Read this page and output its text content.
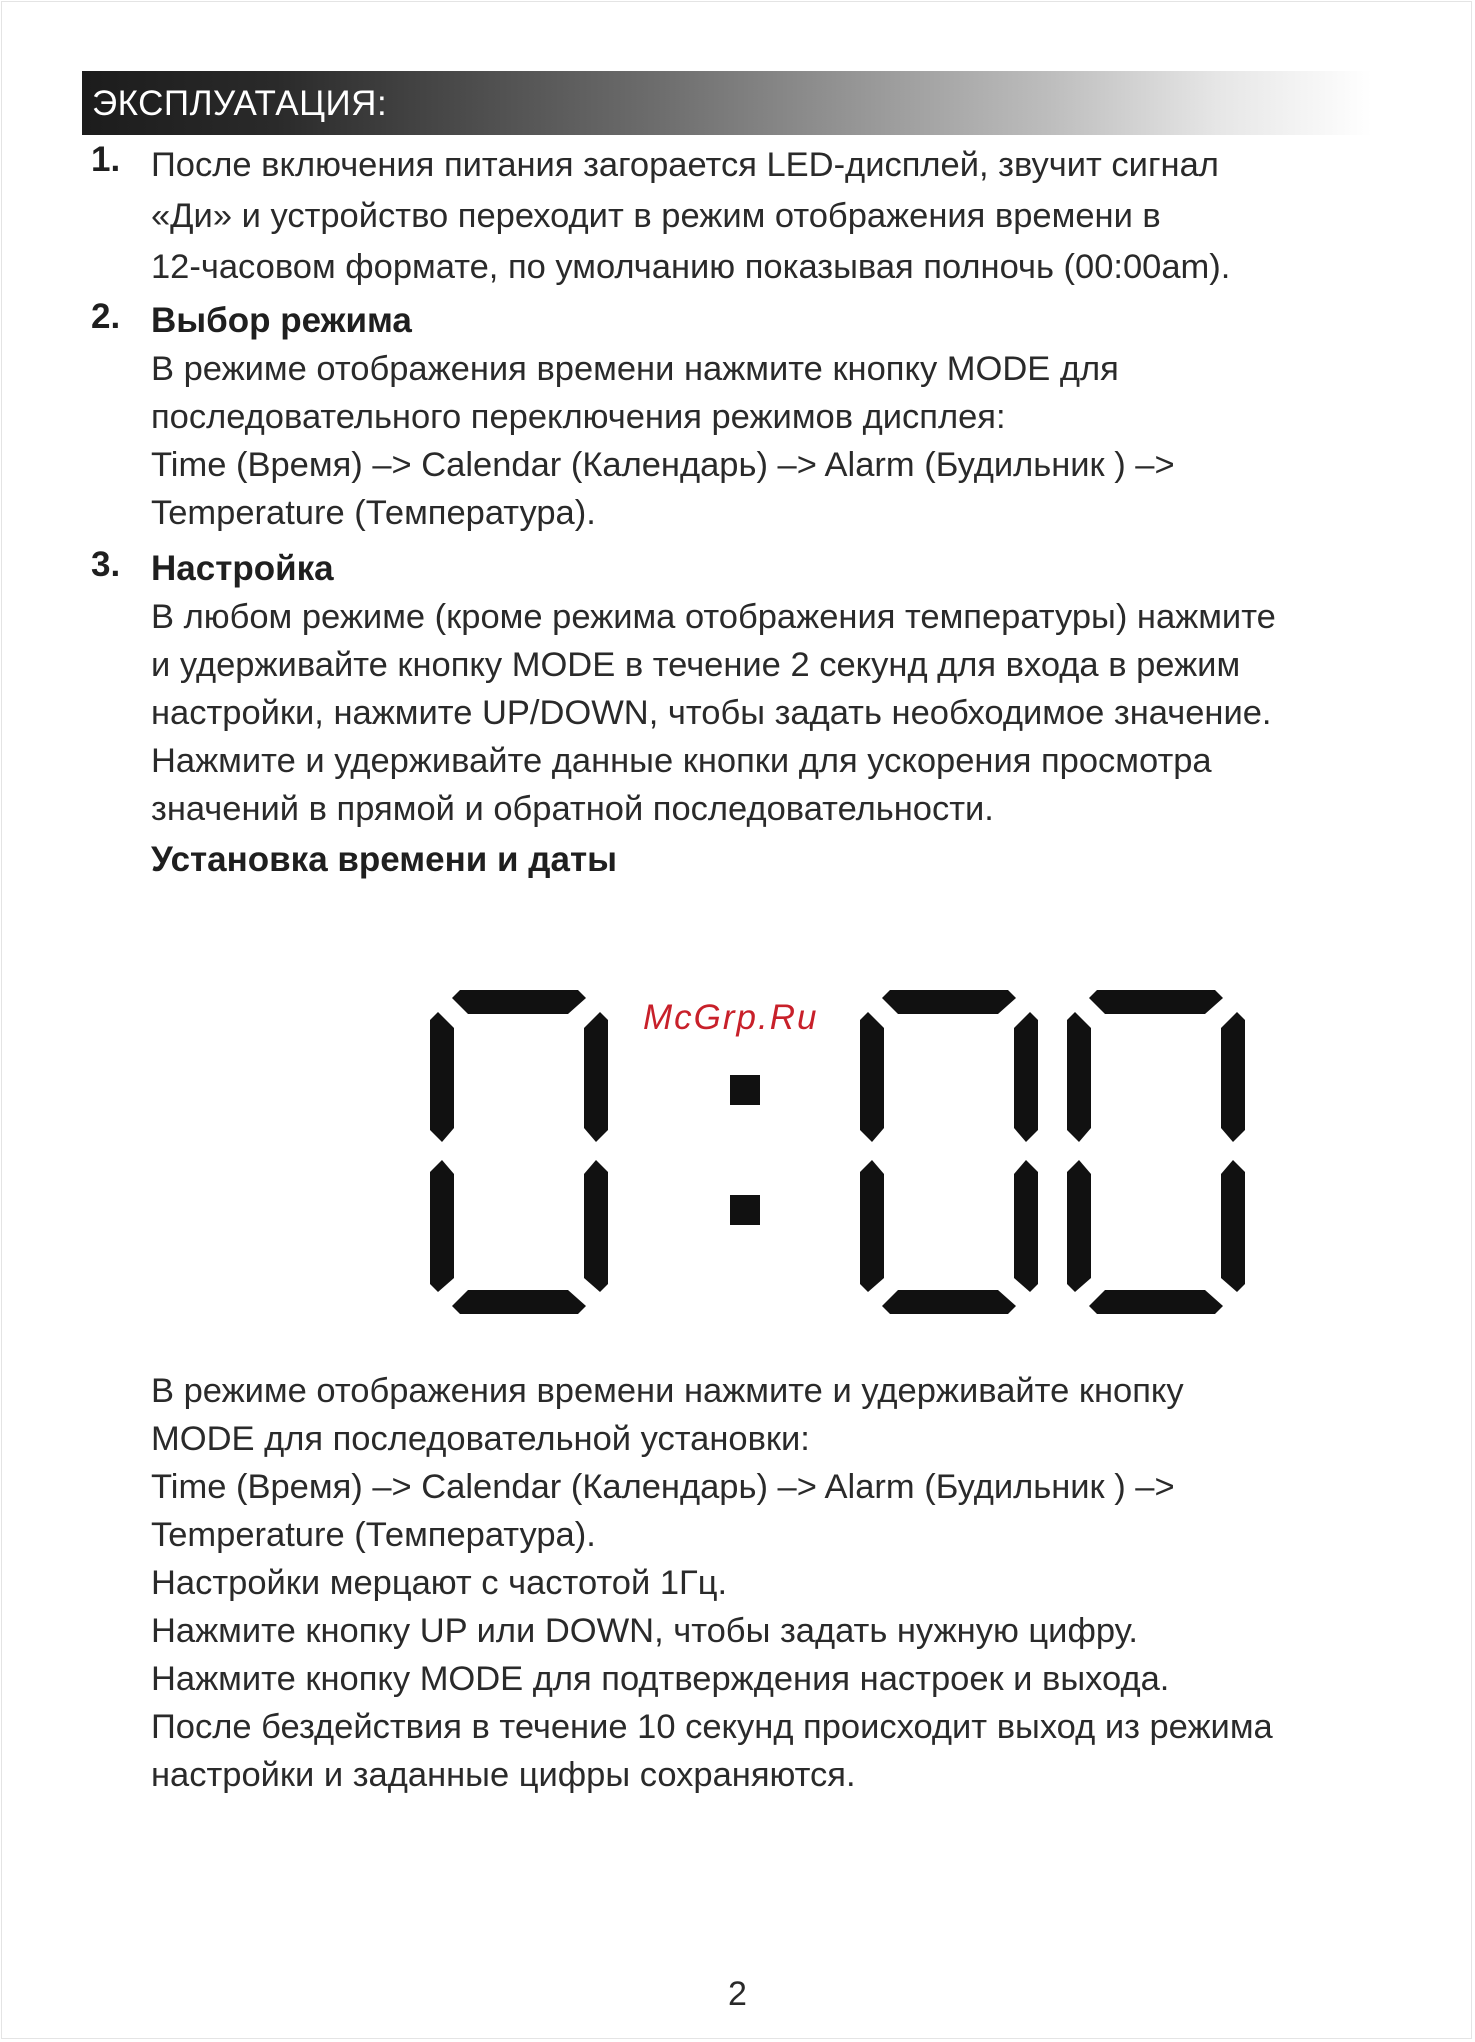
ЭКСПЛУАТАЦИЯ:
1. После включения питания загорается LED-дисплей, звучит сигнал
«Ди» и устройство переходит в режим отображения времени в
12-часовом формате, по умолчанию показывая полночь (00:00am).
2. Выбор режима
В режиме отображения времени нажмите кнопку MODE для
последовательного переключения режимов дисплея:
Time (Время) –> Calendar (Календарь) –> Alarm (Будильник ) –>
Temperature (Температура).
3. Настройка
В любом режиме (кроме режима отображения температуры) нажмите
и удерживайте кнопку MODE в течение 2 секунд для входа в режим
настройки, нажмите UP/DOWN, чтобы задать необходимое значение.
Нажмите и удерживайте данные кнопки для ускорения просмотра
значений в прямой и обратной последовательности.
Установка времени и даты
McGrp.Ru
В режиме отображения времени нажмите и удерживайте кнопку
MODE для последовательной установки:
Time (Время) –> Calendar (Календарь) –> Alarm (Будильник ) –>
Temperature (Температура).
Настройки мерцают с частотой 1Гц.
Нажмите кнопку UP или DOWN, чтобы задать нужную цифру.
Нажмите кнопку MODE для подтверждения настроек и выхода.
После бездействия в течение 10 секунд происходит выход из режима
настройки и заданные цифры сохраняются.
2
